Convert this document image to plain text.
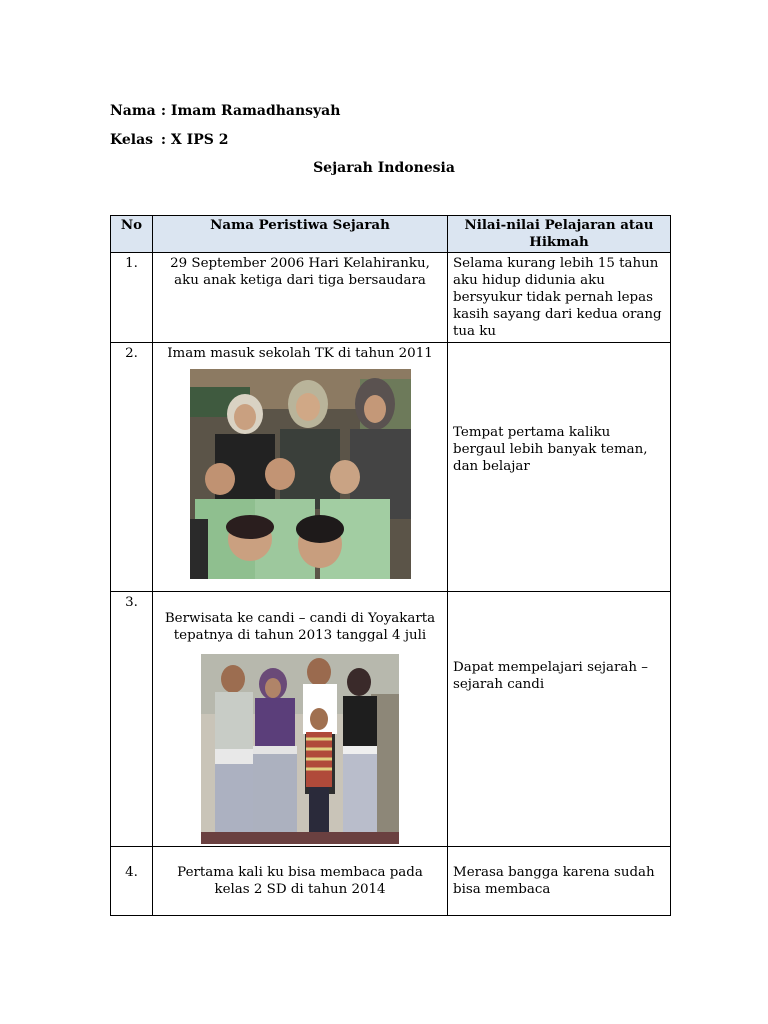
Nama : Imam Ramadhansyah
Kelas : X IPS 2
Sejarah Indonesia
No	Nama Peristiwa Sejarah	Nilai-nilai Pelajaran atau Hikmah
1.	29 September 2006 Hari Kelahiranku, aku anak ketiga dari tiga bersaudara	Selama kurang lebih 15 tahun aku hidup didunia aku bersyukur tidak pernah lepas kasih sayang dari kedua orang tua ku
2.	Imam masuk sekolah TK di tahun 2011	Tempat pertama kaliku bergaul lebih banyak teman, dan belajar

3.	Berwisata ke candi – candi di Yoyakarta tepatnya di tahun 2013 tanggal 4 juli	Dapat mempelajari sejarah – sejarah candi

4.	Pertama kali ku bisa membaca pada kelas 2 SD di tahun 2014	Merasa bangga karena sudah bisa membaca
